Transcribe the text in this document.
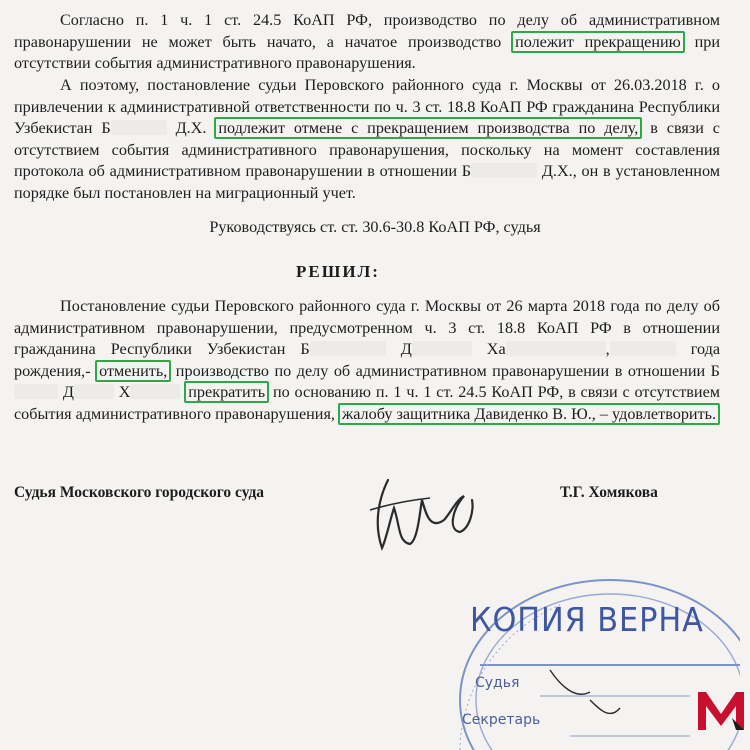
Согласно п. 1 ч. 1 ст. 24.5 КоАП РФ, производство по делу об административном правонарушении не может быть начато, а начатое производство полежит прекращению при отсутствии события административного правонарушения.

А поэтому, постановление судьи Перовского районного суда г. Москвы от 26.03.2018 г. о привлечении к административной ответственности по ч. 3 ст. 18.8 КоАП РФ гражданина Республики Узбекистан Б	Д.Х. подлежит отмене с прекращением производства по делу, в связи с отсутствием события административного правонарушения, поскольку на момент составления протокола об административном правонарушении в отношении Б	Д.Х., он в установленном порядке был постановлен на миграционный учет.

Руководствуясь ст. ст. 30.6-30.8 КоАП РФ, судья
РЕШИЛ:

Постановление судьи Перовского районного суда г. Москвы от 26 марта 2018 года по делу об административном правонарушении, предусмотренном ч. 3 ст. 18.8 КоАП РФ в отношении гражданина Республики Узбекистан Б	Д	Ха	,	года рождения,- отменить, производство по делу об административном правонарушении в отношении Б Д Х	прекратить по основанию п. 1 ч. 1 ст. 24.5 КоАП РФ, в связи с отсутствием события административного правонарушения, жалобу защитника Давиденко В. Ю., – удовлетворить.

Судья Московского городского суда	Т.Г. Хомякова
КОПИЯ ВЕРНА
Судья
Секретарь
